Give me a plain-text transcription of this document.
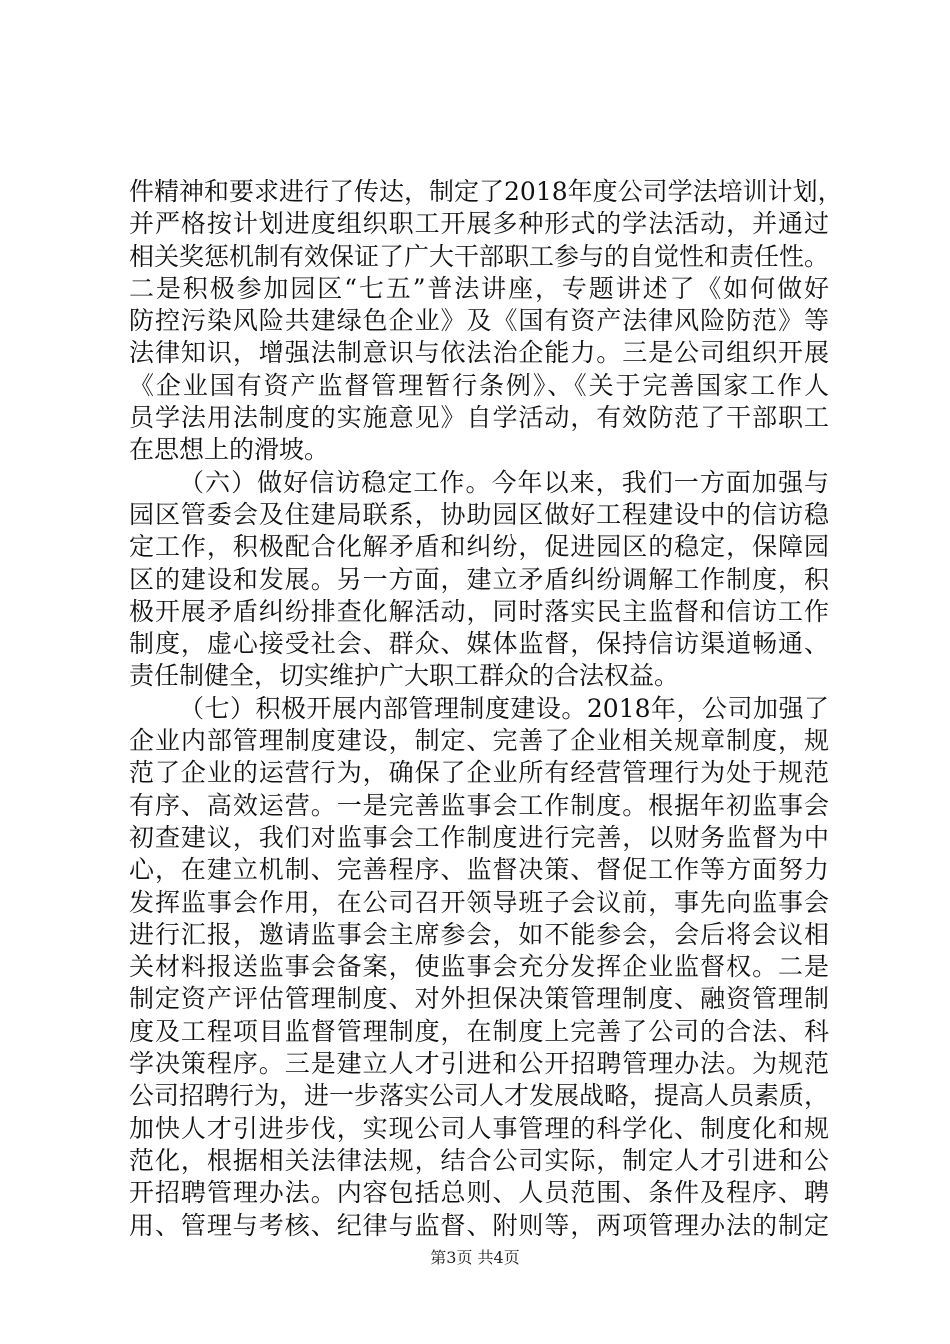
件精神和要求进行了传达，制定了2018年度公司学法培训计划，
并严格按计划进度组织职工开展多种形式的学法活动，并通过
相关奖惩机制有效保证了广大干部职工参与的自觉性和责任性。
二是积极参加园区“七五”普法讲座，专题讲述了《如何做好
防控污染风险共建绿色企业》及《国有资产法律风险防范》等
法律知识，增强法制意识与依法治企能力。三是公司组织开展
《企业国有资产监督管理暂行条例》、《关于完善国家工作人
员学法用法制度的实施意见》自学活动，有效防范了干部职工
在思想上的滑坡。
（六）做好信访稳定工作。今年以来，我们一方面加强与
园区管委会及住建局联系，协助园区做好工程建设中的信访稳
定工作，积极配合化解矛盾和纠纷，促进园区的稳定，保障园
区的建设和发展。另一方面，建立矛盾纠纷调解工作制度，积
极开展矛盾纠纷排查化解活动，同时落实民主监督和信访工作
制度，虚心接受社会、群众、媒体监督，保持信访渠道畅通、
责任制健全，切实维护广大职工群众的合法权益。
（七）积极开展内部管理制度建设。2018年，公司加强了
企业内部管理制度建设，制定、完善了企业相关规章制度，规
范了企业的运营行为，确保了企业所有经营管理行为处于规范
有序、高效运营。一是完善监事会工作制度。根据年初监事会
初查建议，我们对监事会工作制度进行完善，以财务监督为中
心，在建立机制、完善程序、监督决策、督促工作等方面努力
发挥监事会作用，在公司召开领导班子会议前，事先向监事会
进行汇报，邀请监事会主席参会，如不能参会，会后将会议相
关材料报送监事会备案，使监事会充分发挥企业监督权。二是
制定资产评估管理制度、对外担保决策管理制度、融资管理制
度及工程项目监督管理制度，在制度上完善了公司的合法、科
学决策程序。三是建立人才引进和公开招聘管理办法。为规范
公司招聘行为，进一步落实公司人才发展战略，提高人员素质，
加快人才引进步伐，实现公司人事管理的科学化、制度化和规
范化，根据相关法律法规，结合公司实际，制定人才引进和公
开招聘管理办法。内容包括总则、人员范围、条件及程序、聘
用、管理与考核、纪律与监督、附则等，两项管理办法的制定
第3页 共4页
